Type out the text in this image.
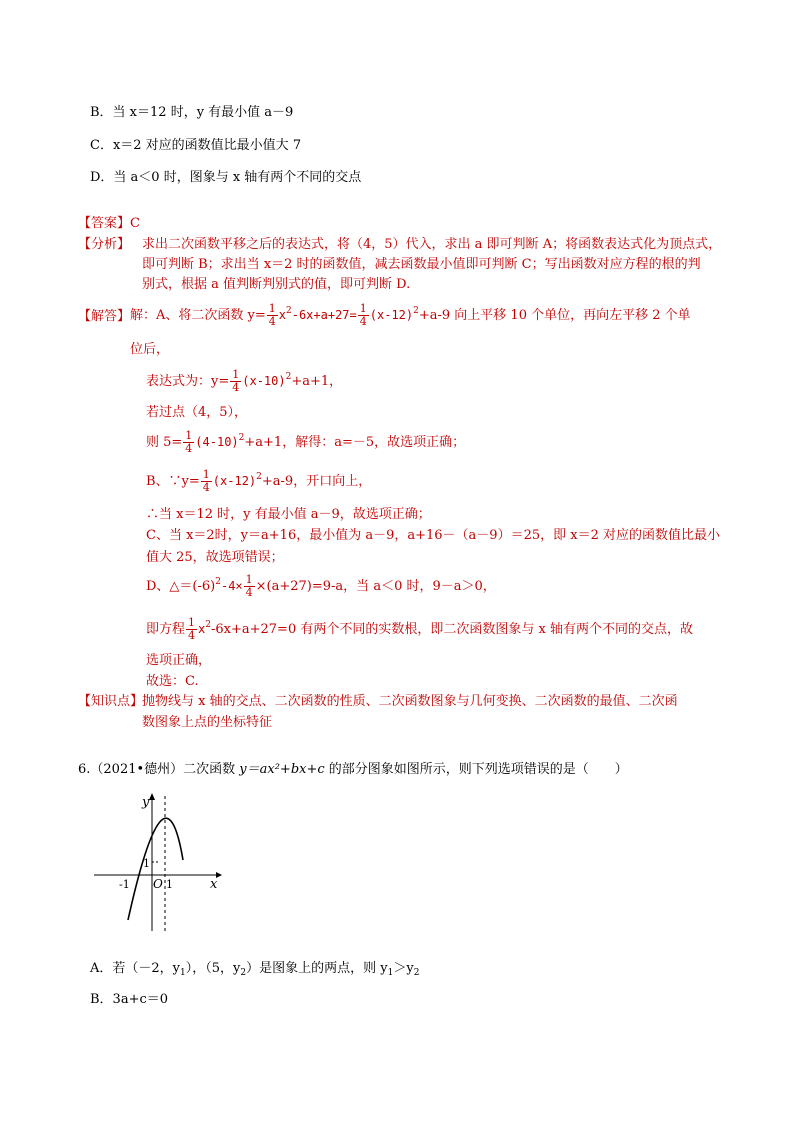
B．当 x＝12 时，y 有最小值 a－9
C．x＝2 对应的函数值比最小值大 7
D．当 a＜0 时，图象与 x 轴有两个不同的交点
【答案】C
【分析】 求出二次函数平移之后的表达式，将（4，5）代入，求出 a 即可判断 A；将函数表达式化为顶点式，
即可判断 B；求出当 x＝2 时的函数值，减去函数最小值即可判断 C；写出函数对应方程的根的判
别式，根据 a 值判断判别式的值，即可判断 D.
【解答】 解：A、将二次函数 $y= \frac{1}{4} x^2-6x+a+27= \frac{1}{4} (x-12)^2+a-9$ 向上平移 10 个单位，再向左平移 2 个单
位后，
表达式为：$y= \frac{1}{4} (x-10)^2+a+1$，
若过点（4，5），
则 $5= \frac{1}{4} (4-10)^2+a+1$，解得：a=－5，故选项正确；
B、∵y= $\frac{1}{4} (x-12)^2+a-9$，开口向上，
∴当 x＝12 时，y 有最小值 a－9，故选项正确；
C、当 x＝2时，y＝a+16，最小值为 a－9，a+16－（a－9）＝25，即 x＝2 对应的函数值比最小
值大 25，故选项错误；
D、$\triangle=(-6)^2-4\times \frac{1}{4} \times(a+27)=9-a$，当 a＜0 时，9－a＞0，
即方程 $\frac{1}{4} x^2-6x+a+27=0$ 有两个不同的实数根，即二次函数图象与 x 轴有两个不同的交点，故
选项正确，
故选：C.
【知识点】
抛物线与 x 轴的交点、二次函数的性质、二次函数图象与几何变换、二次函数的最值、二次函
数图象上点的坐标特征
6.（2021•德州）二次函数 y＝ax²+bx+c 的部分图象如图所示，则下列选项错误的是（　　）
y
x
-1 O 1
1
A．若（－2，$y_1$），（5，$y_2$）是图象上的两点，则 $y_1>y_2$
B．3a+c＝0
